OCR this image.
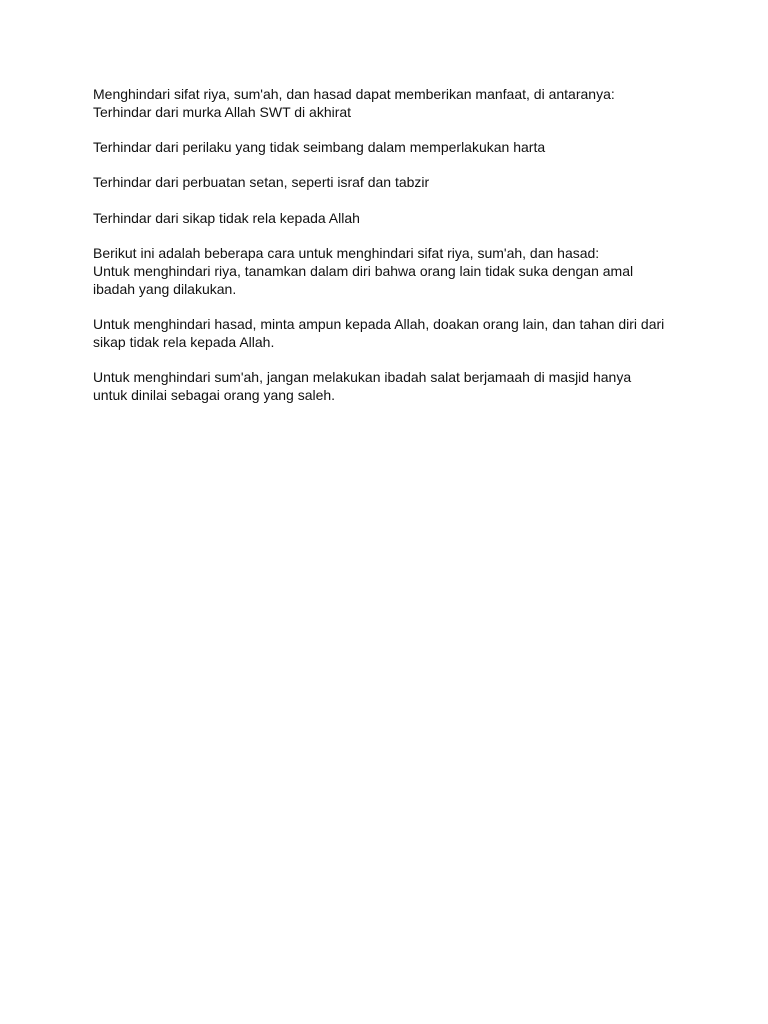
Menghindari sifat riya, sum'ah, dan hasad dapat memberikan manfaat, di antaranya:
Terhindar dari murka Allah SWT di akhirat

Terhindar dari perilaku yang tidak seimbang dalam memperlakukan harta

Terhindar dari perbuatan setan, seperti israf dan tabzir

Terhindar dari sikap tidak rela kepada Allah

Berikut ini adalah beberapa cara untuk menghindari sifat riya, sum'ah, dan hasad:
Untuk menghindari riya, tanamkan dalam diri bahwa orang lain tidak suka dengan amal
ibadah yang dilakukan.

Untuk menghindari hasad, minta ampun kepada Allah, doakan orang lain, dan tahan diri dari
sikap tidak rela kepada Allah.

Untuk menghindari sum'ah, jangan melakukan ibadah salat berjamaah di masjid hanya
untuk dinilai sebagai orang yang saleh.
